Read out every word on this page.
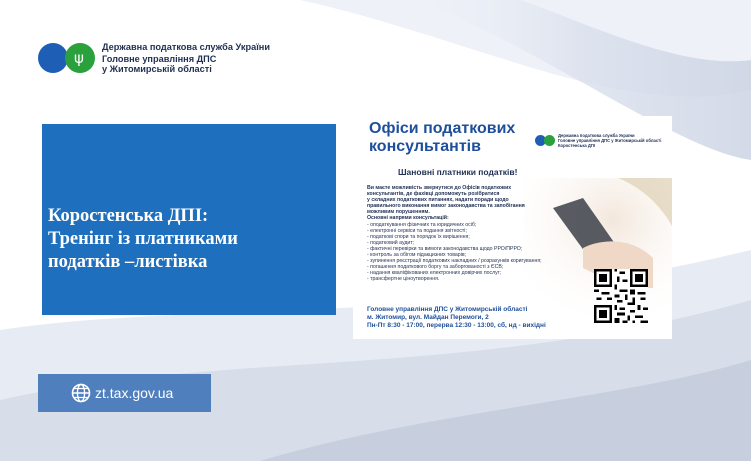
ψ
Державна податкова служба України
Головне управління ДПС
у Житомирській області
Коростенська ДПІ:
Тренінг із платниками
податків –листівка
Офіси податкових
консультантів
Державна податкова служба України
Головне управління ДПС у Житомирській області
Коростенська ДПІ
Шановні платники податків!
Ви маєте можливість звернутися до Офісів податкових
консультантів, де фахівці допоможуть розібратися
у складних податкових питаннях, надати поради щодо
правильного виконання вимог законодавства та запобігання
можливим порушенням.
Основні напрями консультацій:
- оподаткування фізичних та юридичних осіб;
- електронні сервіси та подання звітності;
- податкові спори та порядок їх вирішення;
- податковий аудит;
- фактичні перевірки та вимоги законодавства щодо РРО/ПРРО;
- контроль за обігом підакцизних товарів;
- зупинення реєстрації податкових накладних / розрахунків коригування;
- погашення податкового боргу та заборгованості з ЄСВ;
- надання кваліфікованих електронних довірчих послуг;
- трансфертне ціноутворення.
Головне управління ДПС у Житомирській області
м. Житомир, вул. Майдан Перемоги, 2
Пн-Пт 8:30 - 17:00, перерва 12:30 - 13:00, сб, нд - вихідні
zt.tax.gov.ua
